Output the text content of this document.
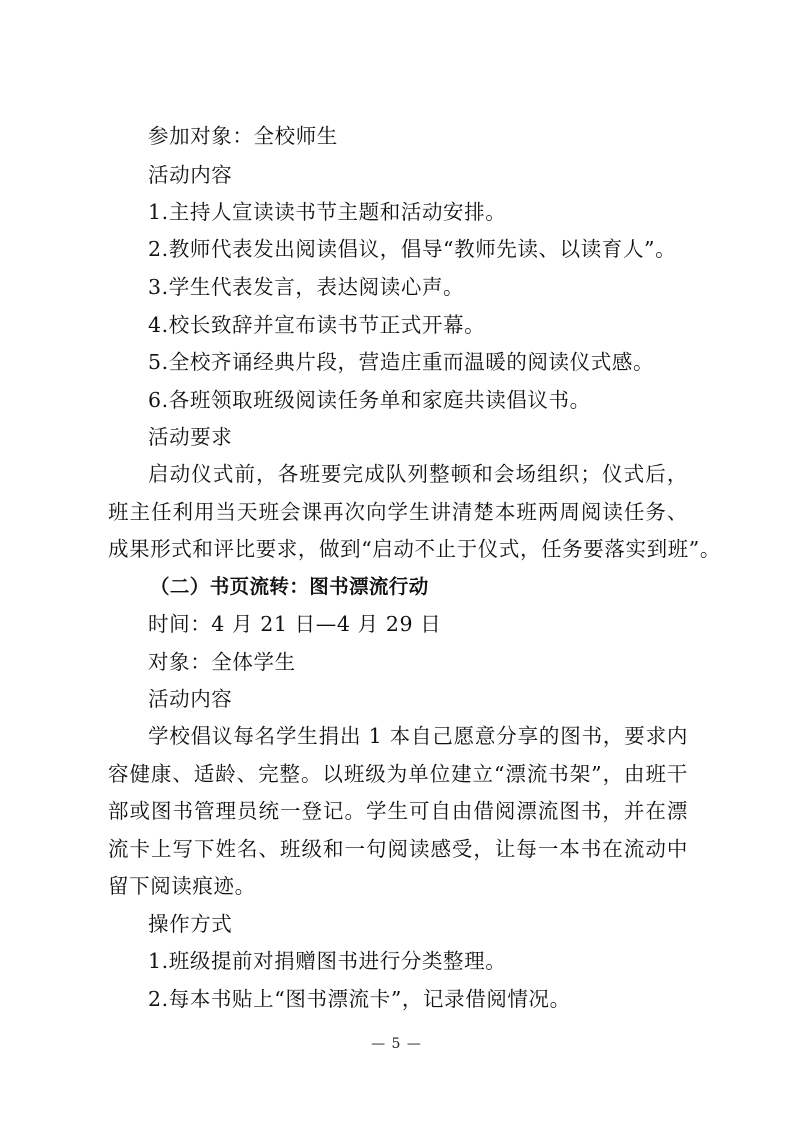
参加对象：全校师生
活动内容
1.主持人宣读读书节主题和活动安排。
2.教师代表发出阅读倡议，倡导“教师先读、以读育人”。
3.学生代表发言，表达阅读心声。
4.校长致辞并宣布读书节正式开幕。
5.全校齐诵经典片段，营造庄重而温暖的阅读仪式感。
6.各班领取班级阅读任务单和家庭共读倡议书。
活动要求
启动仪式前，各班要完成队列整顿和会场组织；仪式后，
班主任利用当天班会课再次向学生讲清楚本班两周阅读任务、
成果形式和评比要求，做到“启动不止于仪式，任务要落实到班”。
（二）书页流转：图书漂流行动
时间：4 月 21 日—4 月 29 日
对象：全体学生
活动内容
学校倡议每名学生捐出 1 本自己愿意分享的图书，要求内
容健康、适龄、完整。以班级为单位建立“漂流书架”，由班干
部或图书管理员统一登记。学生可自由借阅漂流图书，并在漂
流卡上写下姓名、班级和一句阅读感受，让每一本书在流动中
留下阅读痕迹。
操作方式
1.班级提前对捐赠图书进行分类整理。
2.每本书贴上“图书漂流卡”，记录借阅情况。
— 5 —
